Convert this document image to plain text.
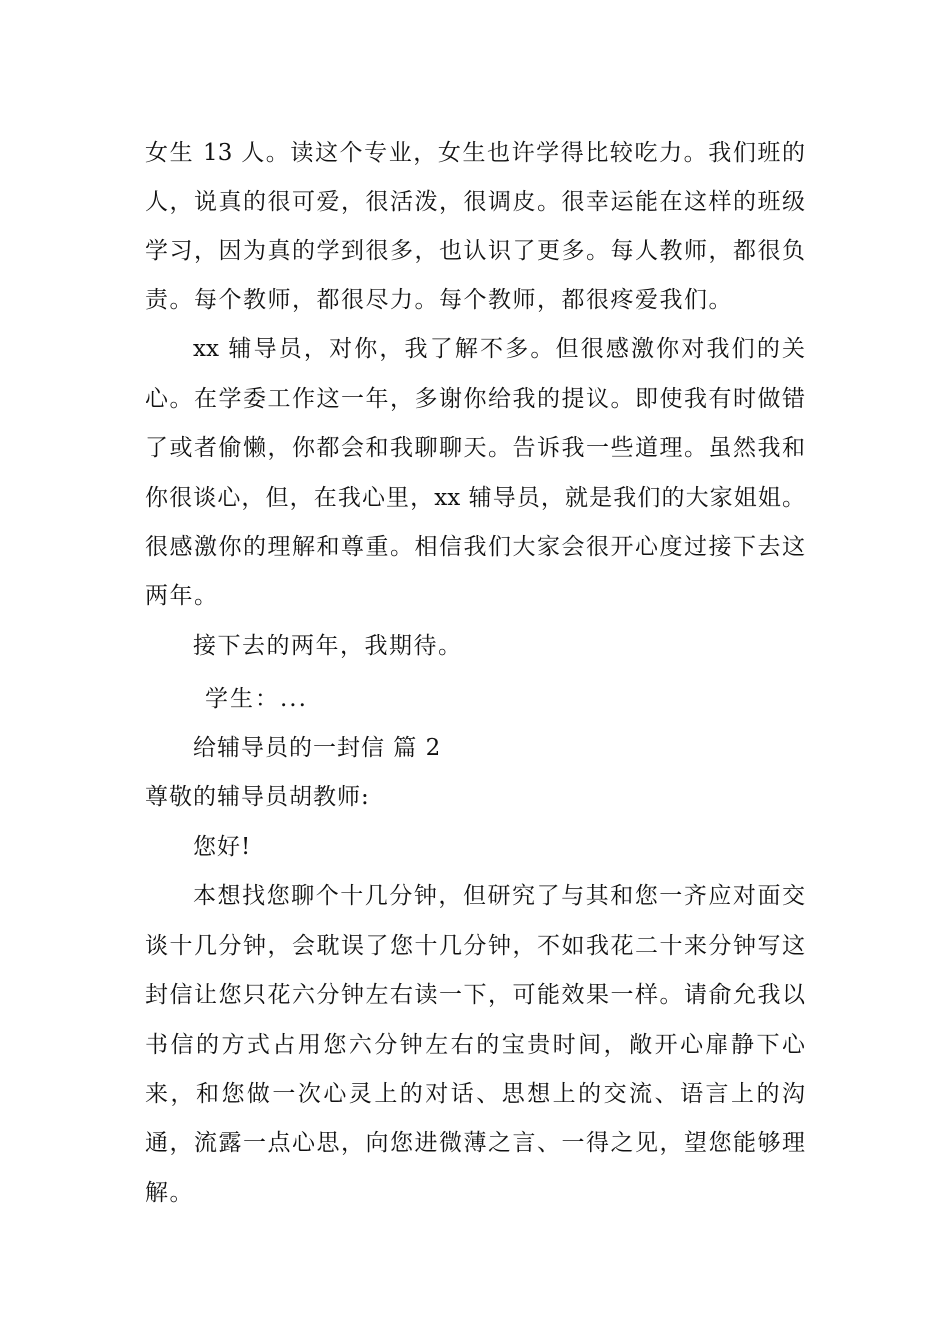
女生 13 人。读这个专业，女生也许学得比较吃力。我们班的
人，说真的很可爱，很活泼，很调皮。很幸运能在这样的班级
学习，因为真的学到很多，也认识了更多。每人教师，都很负
责。每个教师，都很尽力。每个教师，都很疼爱我们。
xx 辅导员，对你，我了解不多。但很感激你对我们的关
心。在学委工作这一年，多谢你给我的提议。即使我有时做错
了或者偷懒，你都会和我聊聊天。告诉我一些道理。虽然我和
你很谈心，但，在我心里，xx 辅导员，就是我们的大家姐姐。
很感激你的理解和尊重。相信我们大家会很开心度过接下去这
两年。
接下去的两年，我期待。
学生：...
给辅导员的一封信 篇 2
尊敬的辅导员胡教师:
您好!
本想找您聊个十几分钟，但研究了与其和您一齐应对面交
谈十几分钟，会耽误了您十几分钟，不如我花二十来分钟写这
封信让您只花六分钟左右读一下，可能效果一样。请俞允我以
书信的方式占用您六分钟左右的宝贵时间，敞开心扉静下心
来，和您做一次心灵上的对话、思想上的交流、语言上的沟
通，流露一点心思，向您进微薄之言、一得之见，望您能够理
解。
